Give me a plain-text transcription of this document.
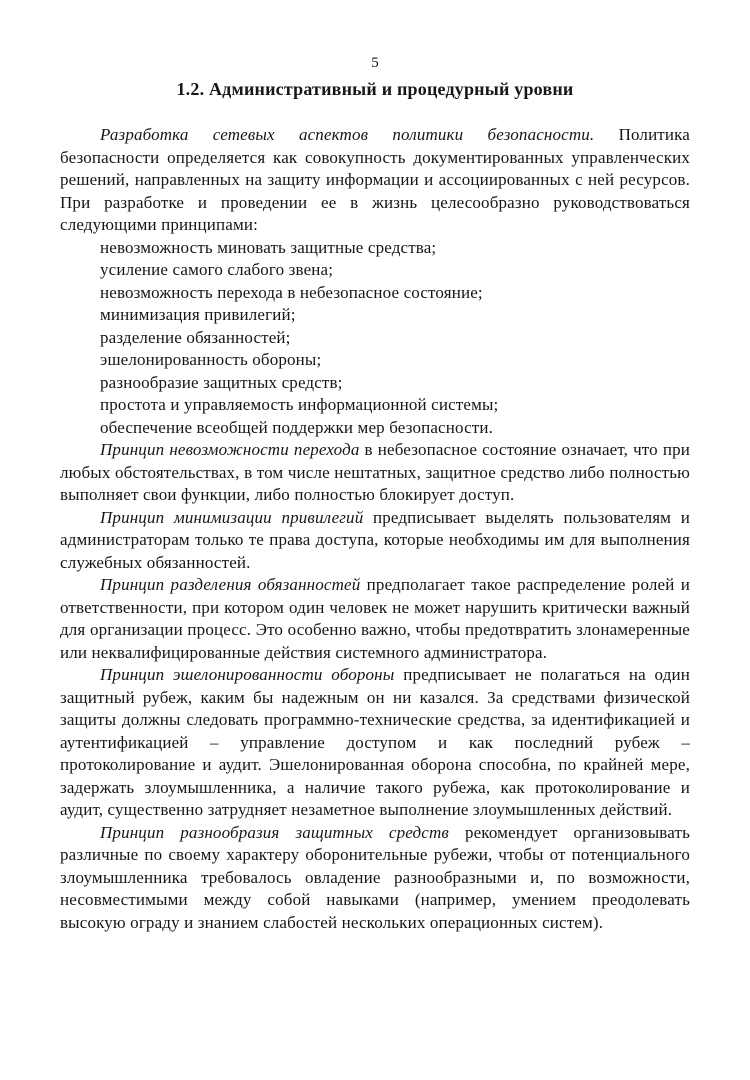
5
1.2. Административный и процедурный уровни

Разработка сетевых аспектов политики безопасности. Политика безопасности определяется как совокупность документированных управленческих решений, направленных на защиту информации и ассоциированных с ней ресурсов. При разработке и проведении ее в жизнь целесообразно руководствоваться следующими принципами:

невозможность миновать защитные средства;
усиление самого слабого звена;
невозможность перехода в небезопасное состояние;
минимизация привилегий;
разделение обязанностей;
эшелонированность обороны;
разнообразие защитных средств;
простота и управляемость информационной системы;
обеспечение всеобщей поддержки мер безопасности.

Принцип невозможности перехода в небезопасное состояние означает, что при любых обстоятельствах, в том числе нештатных, защитное средство либо полностью выполняет свои функции, либо полностью блокирует доступ.

Принцип минимизации привилегий предписывает выделять пользователям и администраторам только те права доступа, которые необходимы им для выполнения служебных обязанностей.

Принцип разделения обязанностей предполагает такое распределение ролей и ответственности, при котором один человек не может нарушить критически важный для организации процесс. Это особенно важно, чтобы предотвратить злонамеренные или неквалифицированные действия системного администратора.

Принцип эшелонированности обороны предписывает не полагаться на один защитный рубеж, каким бы надежным он ни казался. За средствами физической защиты должны следовать программно-технические средства, за идентификацией и аутентификацией – управление доступом и как последний рубеж – протоколирование и аудит. Эшелонированная оборона способна, по крайней мере, задержать злоумышленника, а наличие такого рубежа, как протоколирование и аудит, существенно затрудняет незаметное выполнение злоумышленных действий.

Принцип разнообразия защитных средств рекомендует организовывать различные по своему характеру оборонительные рубежи, чтобы от потенциального злоумышленника требовалось овладение разнообразными и, по возможности, несовместимыми между собой навыками (например, умением преодолевать высокую ограду и знанием слабостей нескольких операционных систем).
